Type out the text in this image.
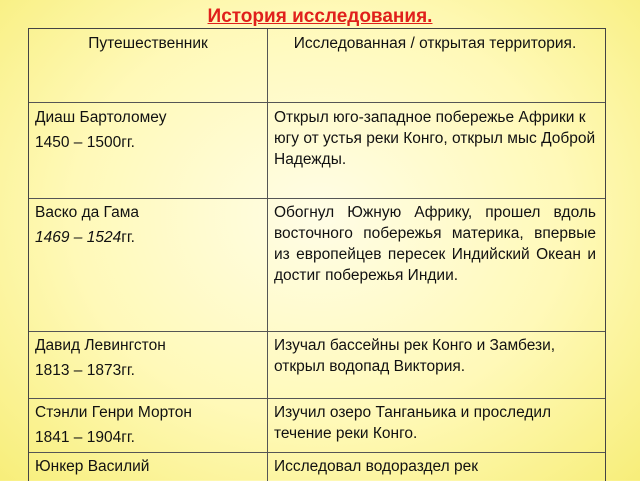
История исследования.
Путешественник	Исследованная / открытая территория.
Диаш Бартоломеу
1450 – 1500гг.
Открыл юго-западное побережье Африки к югу от устья реки Конго, открыл мыс Доброй Надежды.
Васко да Гама
1469 – 1524гг.
Обогнул Южную Африку, прошел вдоль восточного побережья материка, впервые из европейцев пересек Индийский Океан и достиг побережья Индии.
Давид Левингстон
1813 – 1873гг.
Изучал бассейны рек Конго и Замбези, открыл водопад Виктория.
Стэнли Генри Мортон
1841 – 1904гг.
Изучил озеро Танганьика и проследил течение реки Конго.
Юнкер Василий	Исследовал водораздел рек
